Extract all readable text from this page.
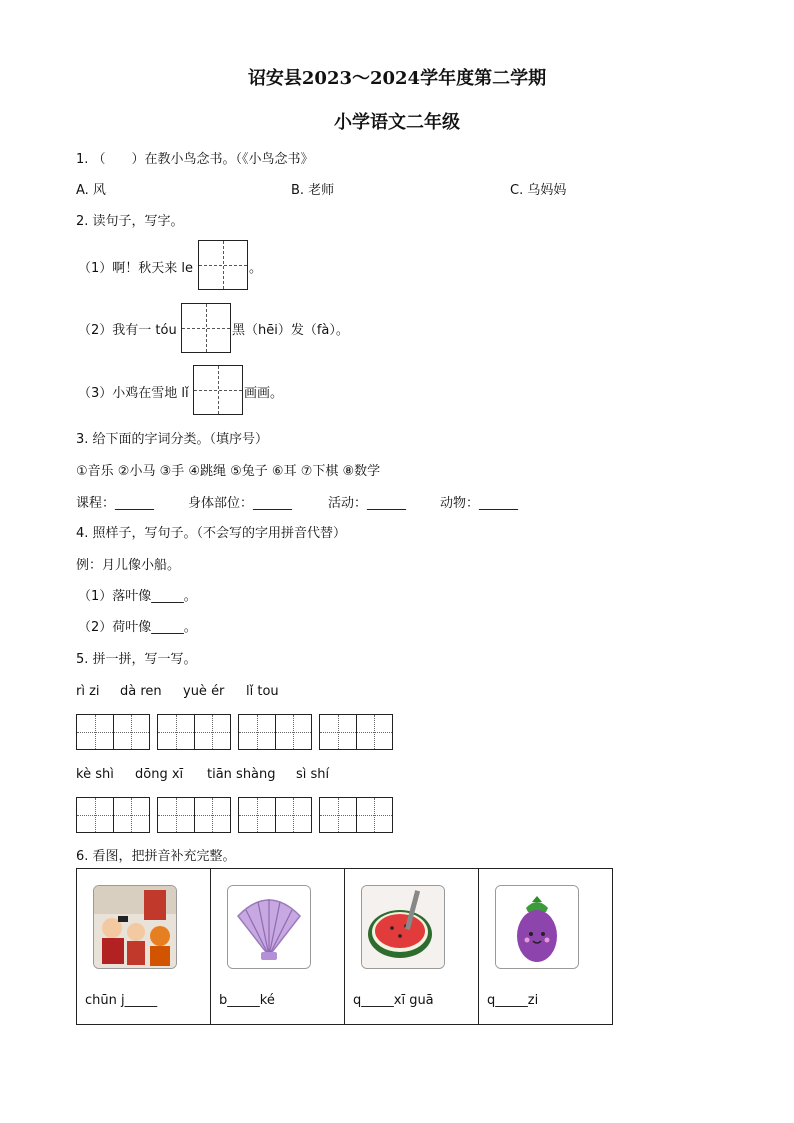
诏安县2023～2024学年度第二学期
小学语文二年级
1. （　　）在教小鸟念书。（《小鸟念书》
A. 风	B. 老师	C. 乌妈妈
2. 读句子，写字。
（1）啊！秋天来 le	。
（2）我有一 tóu	黑（hēi）发（fà）。
（3）小鸡在雪地 lǐ	画画。
3. 给下面的字词分类。（填序号）
①音乐 ②小马 ③手 ④跳绳 ⑤兔子 ⑥耳 ⑦下棋 ⑧数学
课程：______	身体部位：______	活动：______	动物：______
4. 照样子，写句子。（不会写的字用拼音代替）
例：月儿像小船。
（1）落叶像_____。
（2）荷叶像_____。
5. 拼一拼，写一写。
rì zi dà ren yuè ér lǐ tou
kè shì dōng xī tiān shàng sì shí
6. 看图，把拼音补充完整。
chūn j_____	b_____ké	q_____xī guā	q_____zi
